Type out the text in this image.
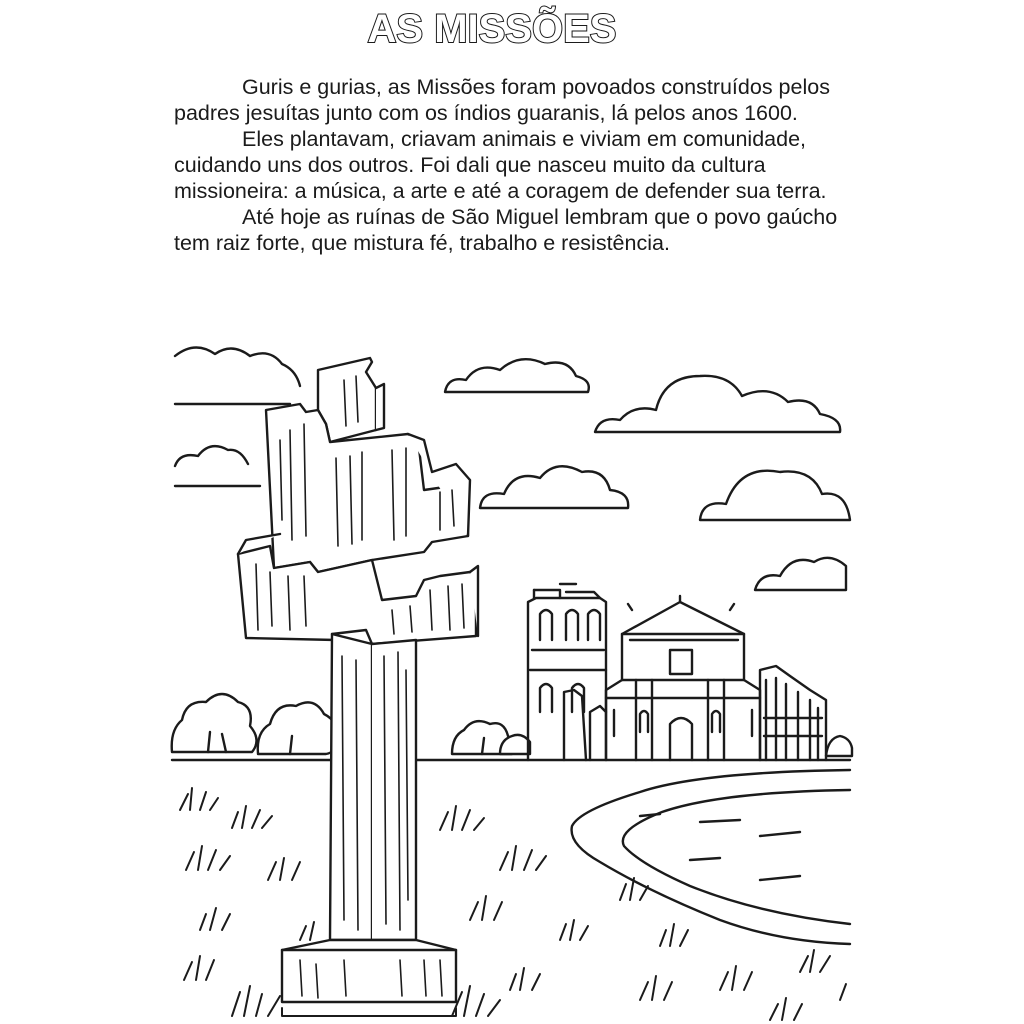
AS MISSÕES

Guris e gurias, as Missões foram povoados construídos pelos padres jesuítas junto com os índios guaranis, lá pelos anos 1600.

Eles plantavam, criavam animais e viviam em comunidade, cuidando uns dos outros. Foi dali que nasceu muito da cultura missioneira: a música, a arte e até a coragem de defender sua terra.

Até hoje as ruínas de São Miguel lembram que o povo gaúcho tem raiz forte, que mistura fé, trabalho e resistência.
